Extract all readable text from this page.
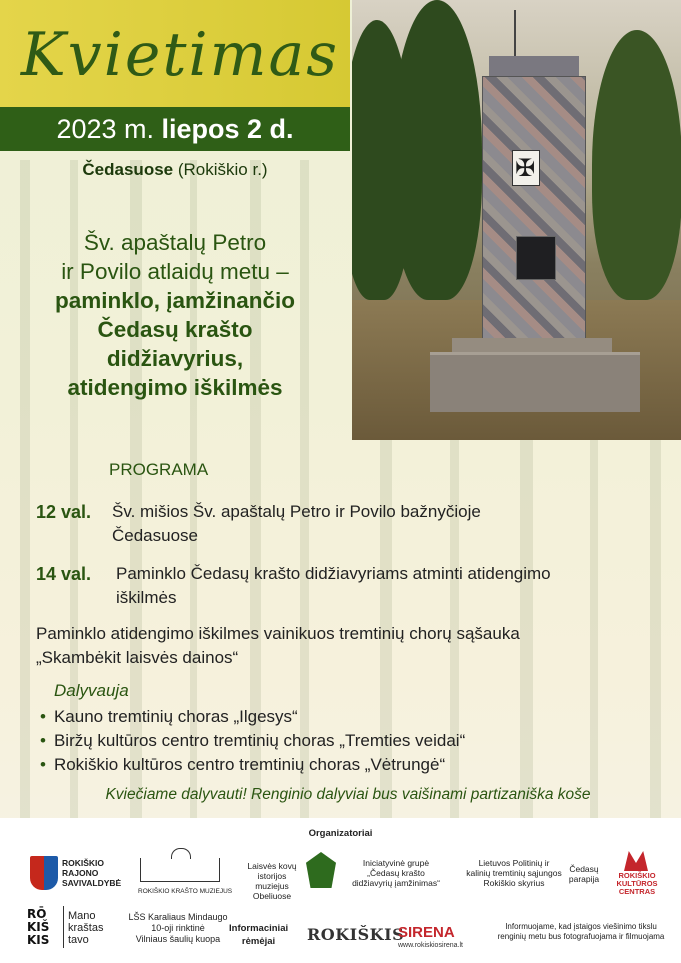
Kvietimas
2023 m. liepos 2 d.
Čedasuose (Rokiškio r.)
✠
Šv. apaštalų Petro
ir Povilo atlaidų metu –
paminklo, įamžinančio
Čedasų krašto
didžiavyrius,
atidengimo iškilmės
PROGRAMA
12 val. Šv. mišios Šv. apaštalų Petro ir Povilo bažnyčioje
Čedasuose
14 val. Paminklo Čedasų krašto didžiavyriams atminti atidengimo
iškilmės
Paminklo atidengimo iškilmes vainikuos tremtinių chorų sąšauka
„Skambėkit laisvės dainos“
Dalyvauja
• Kauno tremtinių choras „Ilgesys“
• Biržų kultūros centro tremtinių choras „Tremties veidai“
• Rokiškio kultūros centro tremtinių choras „Vėtrungė“
Kviečiame dalyvauti! Renginio dalyviai bus vaišinami partizaniška koše
Organizatoriai
ROKIŠKIO
RAJONO
SAVIVALDYBĖ
ROKIŠKIO KRAŠTO MUZIEJUS
Laisvės kovų
istorijos muziejus
Obeliuose
Iniciatyvinė grupė
„Čedasų krašto
didžiavyrių įamžinimas“
Lietuvos Politinių ir
kalinių tremtinių sąjungos
Rokiškio skyrius
Čedasų
parapija	ROKIŠKIO
KULTŪROS
CENTRAS
RŌ
KIŠ
KIS
Mano
kraštas
tavo
LŠS Karaliaus Mindaugo
10-oji rinktinė
Vilniaus šaulių kuopa
Informaciniai
rėmėjai	ROKIŠKIS
SIRENA
www.rokiskiosirena.lt
Informuojame, kad įstaigos viešinimo tikslu
renginių metu bus fotografuojama ir filmuojama
